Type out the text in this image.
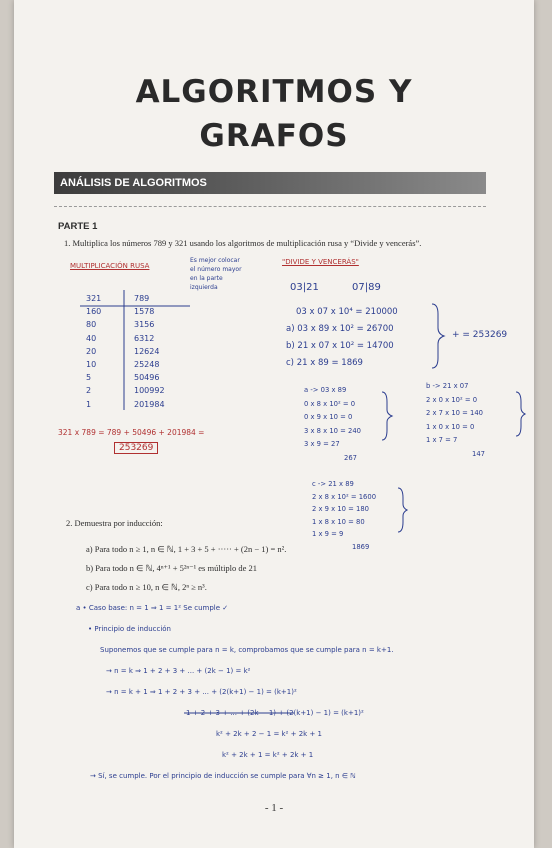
ALGORITMOS Y
GRAFOS
ANÁLISIS DE ALGORITMOS
PARTE 1
1. Multiplica los números 789 y 321 usando los algoritmos de multiplicación rusa y “Divide y vencerás”.
MULTIPLICACIÓN RUSA
Es mejor colocar
el número mayor
en la parte
izquierda
321
160
80
40
20
10
5
2
1
789
1578
3156
6312
12624
25248
50496
100992
201984
321 x 789 = 789 + 50496 + 201984 =
253269
"DIVIDE Y VENCERÁS"
03|21	07|89
03 x 07 x 10⁴ = 210000
a) 03 x 89 x 10² = 26700
b) 21 x 07 x 10² = 14700
c) 21 x 89 = 1869
+ = 253269
a -> 03 x 89
0 x 8 x 10² = 0
0 x 9 x 10 = 0
3 x 8 x 10 = 240
3 x 9 = 27
267
b -> 21 x 07
2 x 0 x 10² = 0
2 x 7 x 10 = 140
1 x 0 x 10 = 0
1 x 7 = 7
147
c -> 21 x 89
2 x 8 x 10² = 1600
2 x 9 x 10 = 180
1 x 8 x 10 = 80
1 x 9 = 9
1869
2. Demuestra por inducción:
a) Para todo n ≥ 1, n ∈ ℕ, 1 + 3 + 5 + ····· + (2n − 1) = n².
b) Para todo n ∈ ℕ, 4ⁿ⁺¹ + 5²ⁿ⁻¹ es múltiplo de 21
c) Para todo n ≥ 10, n ∈ ℕ, 2ⁿ ≥ n³.
a • Caso base: n = 1 ⇒ 1 = 1² Se cumple ✓
• Principio de inducción
Suponemos que se cumple para n = k, comprobamos que se cumple para n = k+1.
→ n = k ⇒ 1 + 2 + 3 + ... + (2k − 1) = k²
→ n = k + 1 ⇒ 1 + 2 + 3 + ... + (2(k+1) − 1) = (k+1)²
1 + 2 + 3 + ... + (2k − 1) + (2(k+1) − 1) = (k+1)²
k² + 2k + 2 − 1 = k² + 2k + 1
k² + 2k + 1 = k² + 2k + 1
→ Sí, se cumple. Por el principio de inducción se cumple para ∀n ≥ 1, n ∈ ℕ
- 1 -
